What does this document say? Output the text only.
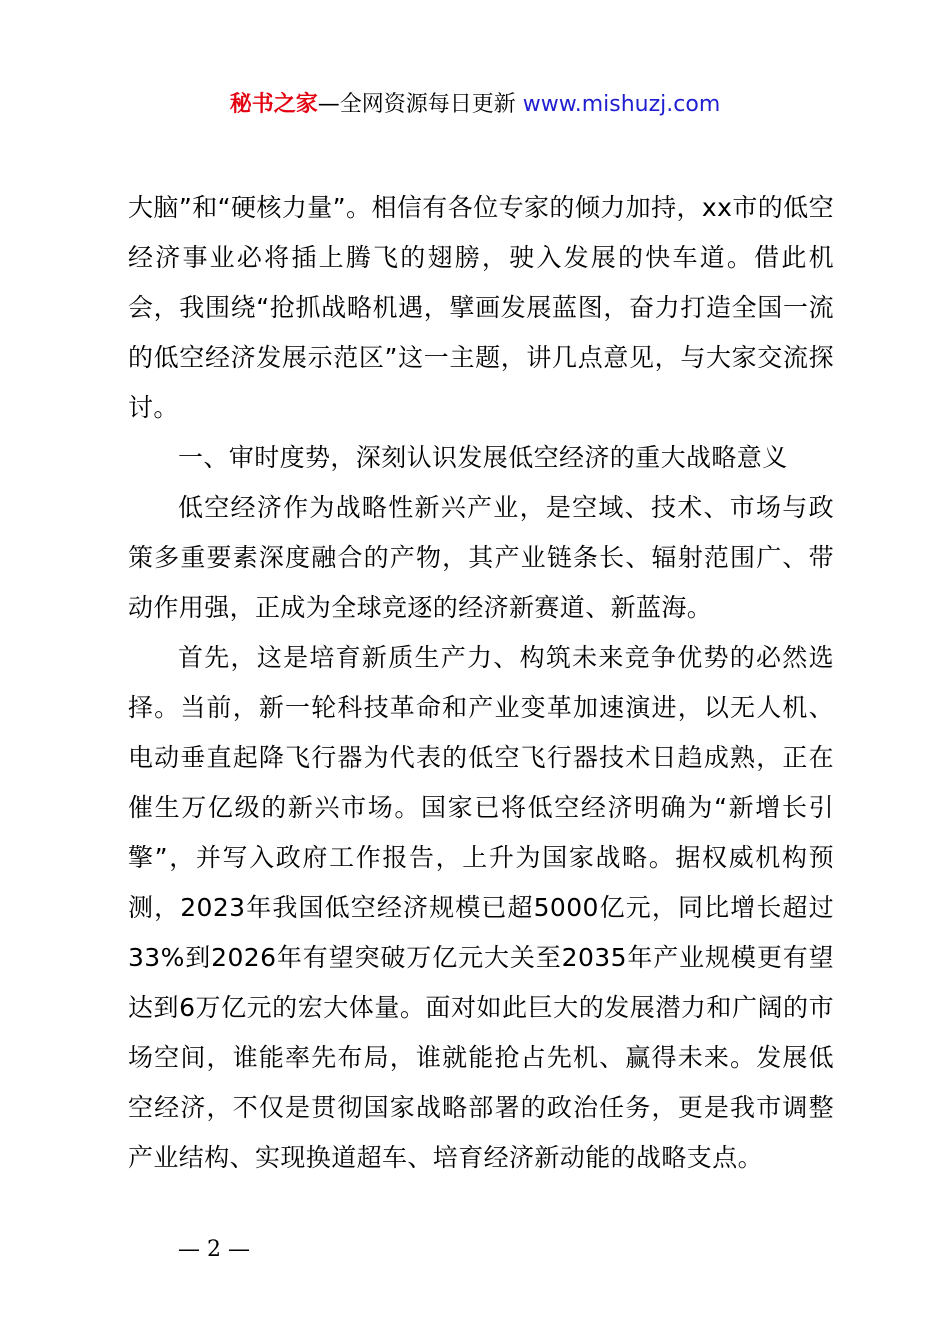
秘书之家—全网资源每日更新 www.mishuzj.com

大脑”和“硬核力量”。相信有各位专家的倾力加持，xx市的低空经济事业必将插上腾飞的翅膀，驶入发展的快车道。借此机会，我围绕“抢抓战略机遇，擘画发展蓝图，奋力打造全国一流的低空经济发展示范区”这一主题，讲几点意见，与大家交流探讨。

一、审时度势，深刻认识发展低空经济的重大战略意义

低空经济作为战略性新兴产业，是空域、技术、市场与政策多重要素深度融合的产物，其产业链条长、辐射范围广、带动作用强，正成为全球竞逐的经济新赛道、新蓝海。

首先，这是培育新质生产力、构筑未来竞争优势的必然选择。当前，新一轮科技革命和产业变革加速演进，以无人机、电动垂直起降飞行器为代表的低空飞行器技术日趋成熟，正在催生万亿级的新兴市场。国家已将低空经济明确为“新增长引擎”，并写入政府工作报告，上升为国家战略。据权威机构预测，2023年我国低空经济规模已超5000亿元，同比增长超过33%到2026年有望突破万亿元大关至2035年产业规模更有望达到6万亿元的宏大体量。面对如此巨大的发展潜力和广阔的市场空间，谁能率先布局，谁就能抢占先机、赢得未来。发展低空经济，不仅是贯彻国家战略部署的政治任务，更是我市调整产业结构、实现换道超车、培育经济新动能的战略支点。

— 2 —
